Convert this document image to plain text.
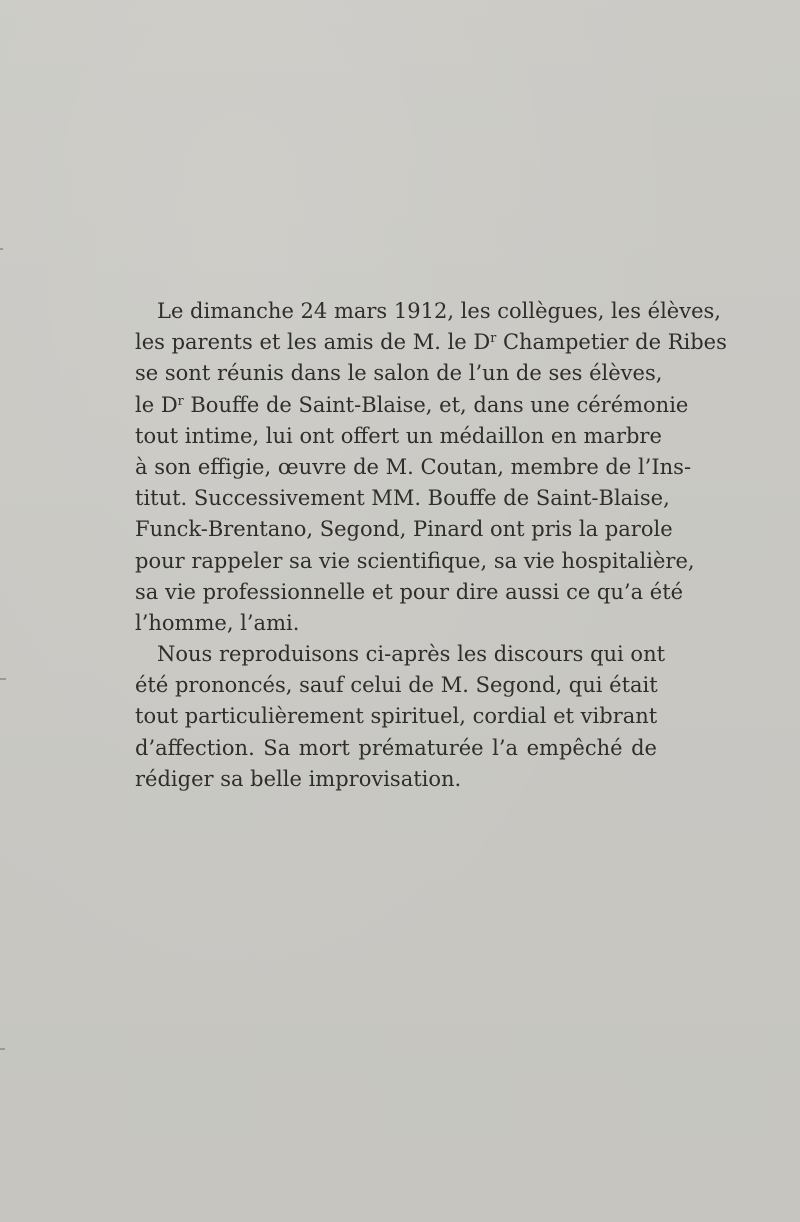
Le dimanche 24 mars 1912, les collègues, les élèves,
les parents et les amis de M. le $D^r$ Champetier de Ribes
se sont réunis dans le salon de l’un de ses élèves,
le $D^r$ Bouffe de Saint-Blaise, et, dans une cérémonie
tout intime, lui ont offert un médaillon en marbre
à son effigie, œuvre de M. Coutan, membre de l’Ins-
titut. Successivement MM. Bouffe de Saint-Blaise,
Funck-Brentano, Segond, Pinard ont pris la parole
pour rappeler sa vie scientifique, sa vie hospitalière,
sa vie professionnelle et pour dire aussi ce qu’a été
l’homme, l’ami.

Nous reproduisons ci-après les discours qui ont
été prononcés, sauf celui de M. Segond, qui était
tout particulièrement spirituel, cordial et vibrant
d’affection. Sa mort prématurée l’a empêché de
rédiger sa belle improvisation.
